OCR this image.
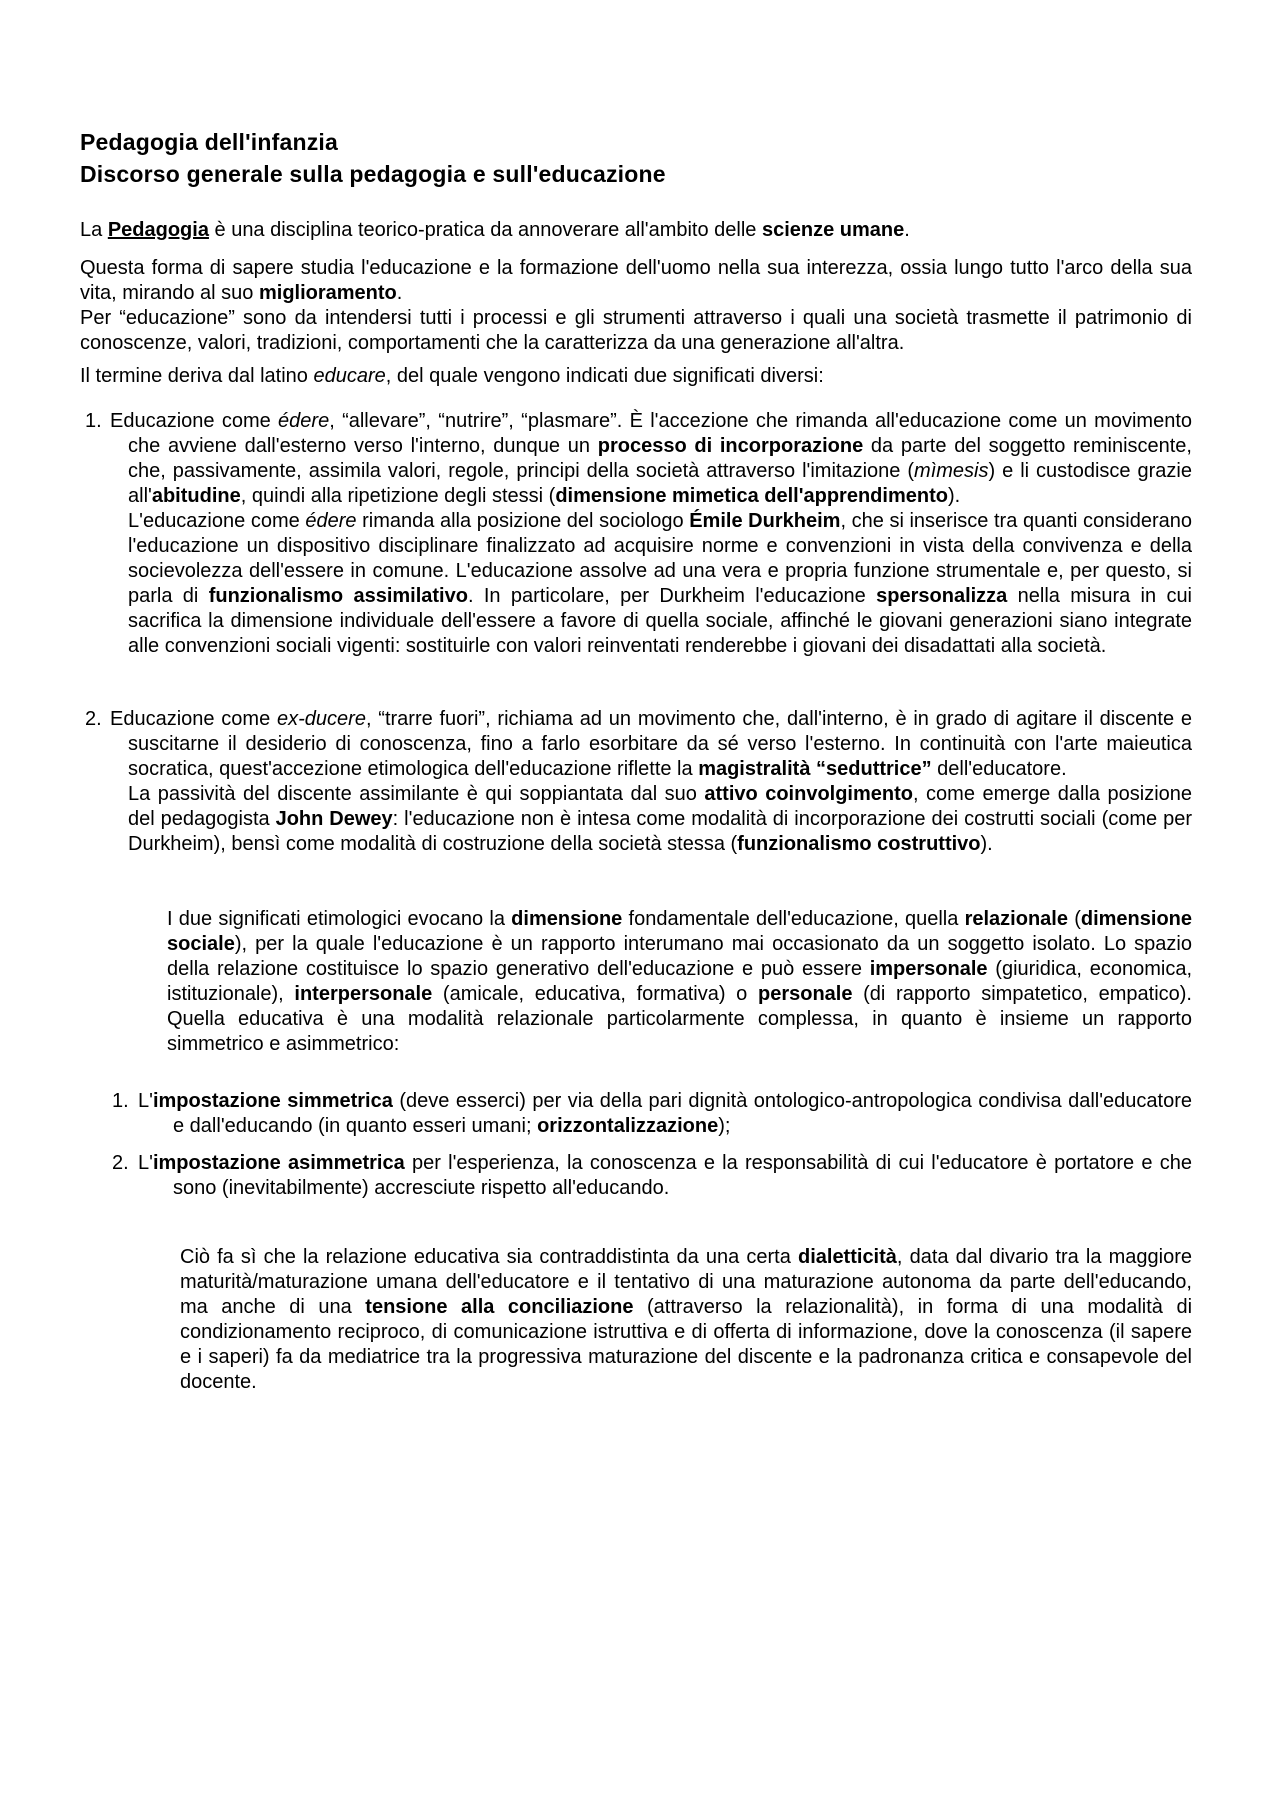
Pedagogia dell'infanzia
Discorso generale sulla pedagogia e sull'educazione
La Pedagogia è una disciplina teorico-pratica da annoverare all'ambito delle scienze umane.
Questa forma di sapere studia l'educazione e la formazione dell'uomo nella sua interezza, ossia lungo tutto l'arco della sua vita, mirando al suo miglioramento.
Per “educazione” sono da intendersi tutti i processi e gli strumenti attraverso i quali una società trasmette il patrimonio di conoscenze, valori, tradizioni, comportamenti che la caratterizza da una generazione all'altra.
Il termine deriva dal latino educare, del quale vengono indicati due significati diversi:
1. Educazione come édere, “allevare”, “nutrire”, “plasmare”. È l'accezione che rimanda all'educazione come un movimento che avviene dall'esterno verso l'interno, dunque un processo di incorporazione da parte del soggetto reminiscente, che, passivamente, assimila valori, regole, principi della società attraverso l'imitazione (mìmesis) e li custodisce grazie all'abitudine, quindi alla ripetizione degli stessi (dimensione mimetica dell'apprendimento).
L'educazione come édere rimanda alla posizione del sociologo Émile Durkheim, che si inserisce tra quanti considerano l'educazione un dispositivo disciplinare finalizzato ad acquisire norme e convenzioni in vista della convivenza e della socievolezza dell'essere in comune. L'educazione assolve ad una vera e propria funzione strumentale e, per questo, si parla di funzionalismo assimilativo. In particolare, per Durkheim l'educazione spersonalizza nella misura in cui sacrifica la dimensione individuale dell'essere a favore di quella sociale, affinché le giovani generazioni siano integrate alle convenzioni sociali vigenti: sostituirle con valori reinventati renderebbe i giovani dei disadattati alla società.
2. Educazione come ex-ducere, “trarre fuori”, richiama ad un movimento che, dall'interno, è in grado di agitare il discente e suscitarne il desiderio di conoscenza, fino a farlo esorbitare da sé verso l'esterno. In continuità con l'arte maieutica socratica, quest'accezione etimologica dell'educazione riflette la magistralità “seduttrice” dell'educatore.
La passività del discente assimilante è qui soppiantata dal suo attivo coinvolgimento, come emerge dalla posizione del pedagogista John Dewey: l'educazione non è intesa come modalità di incorporazione dei costrutti sociali (come per Durkheim), bensì come modalità di costruzione della società stessa (funzionalismo costruttivo).
I due significati etimologici evocano la dimensione fondamentale dell'educazione, quella relazionale (dimensione sociale), per la quale l'educazione è un rapporto interumano mai occasionato da un soggetto isolato. Lo spazio della relazione costituisce lo spazio generativo dell'educazione e può essere impersonale (giuridica, economica, istituzionale), interpersonale (amicale, educativa, formativa) o personale (di rapporto simpatetico, empatico). Quella educativa è una modalità relazionale particolarmente complessa, in quanto è insieme un rapporto simmetrico e asimmetrico:
1. L'impostazione simmetrica (deve esserci) per via della pari dignità ontologico-antropologica condivisa dall'educatore e dall'educando (in quanto esseri umani; orizzontalizzazione);
2. L'impostazione asimmetrica per l'esperienza, la conoscenza e la responsabilità di cui l'educatore è portatore e che sono (inevitabilmente) accresciute rispetto all'educando.
Ciò fa sì che la relazione educativa sia contraddistinta da una certa dialetticità, data dal divario tra la maggiore maturità/maturazione umana dell'educatore e il tentativo di una maturazione autonoma da parte dell'educando, ma anche di una tensione alla conciliazione (attraverso la relazionalità), in forma di una modalità di condizionamento reciproco, di comunicazione istruttiva e di offerta di informazione, dove la conoscenza (il sapere e i saperi) fa da mediatrice tra la progressiva maturazione del discente e la padronanza critica e consapevole del docente.
